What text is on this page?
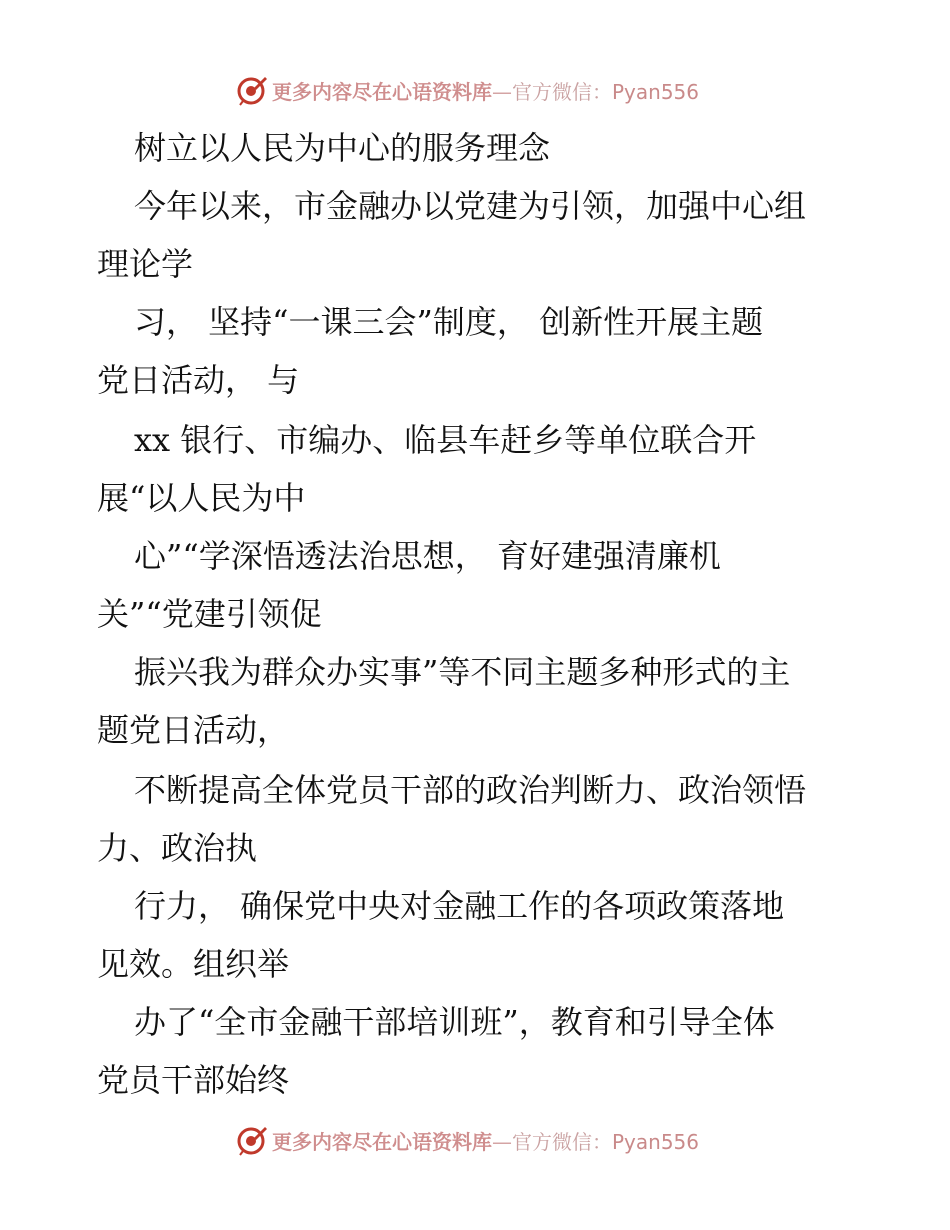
更多内容尽在心语资料库—官方微信：Pyan556
树立以人民为中心的服务理念
今年以来，市金融办以党建为引领，加强中心组
理论学
习， 坚持“一课三会”制度， 创新性开展主题
党日活动， 与
xx 银行、市编办、临县车赶乡等单位联合开
展“以人民为中
心”“学深悟透法治思想， 育好建强清廉机
关”“党建引领促
振兴我为群众办实事”等不同主题多种形式的主
题党日活动，
不断提高全体党员干部的政治判断力、政治领悟
力、政治执
行力， 确保党中央对金融工作的各项政策落地
见效。组织举
办了“全市金融干部培训班”，教育和引导全体
党员干部始终
更多内容尽在心语资料库—官方微信：Pyan556
